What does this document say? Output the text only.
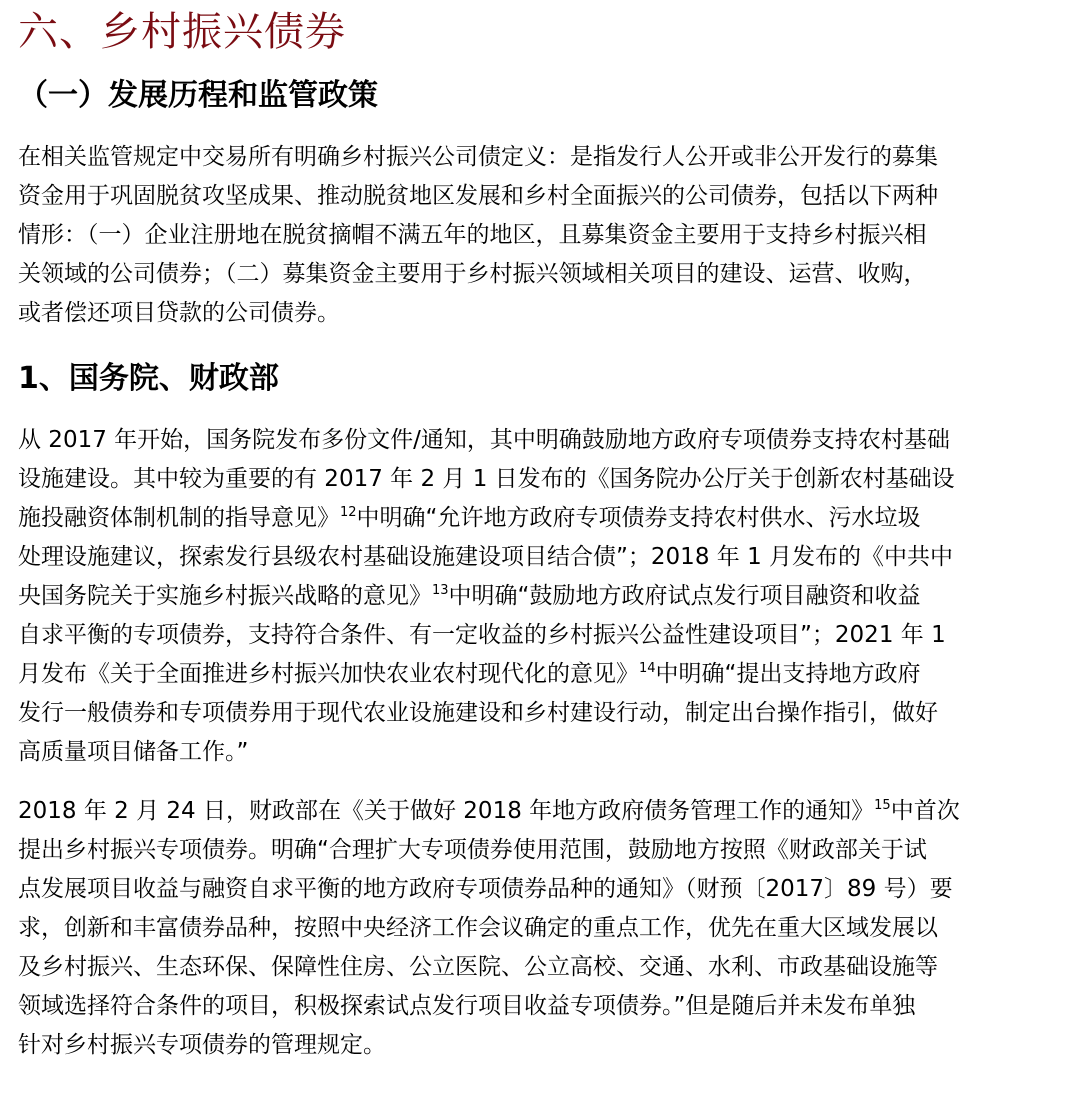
六、乡村振兴债券
（一）发展历程和监管政策
在相关监管规定中交易所有明确乡村振兴公司债定义：是指发行人公开或非公开发行的募集
资金用于巩固脱贫攻坚成果、推动脱贫地区发展和乡村全面振兴的公司债券，包括以下两种
情形：（一）企业注册地在脱贫摘帽不满五年的地区，且募集资金主要用于支持乡村振兴相
关领域的公司债券；（二）募集资金主要用于乡村振兴领域相关项目的建设、运营、收购，
或者偿还项目贷款的公司债券。
1、国务院、财政部
从 2017 年开始，国务院发布多份文件/通知，其中明确鼓励地方政府专项债券支持农村基础
设施建设。其中较为重要的有 2017 年 2 月 1 日发布的《国务院办公厅关于创新农村基础设
施投融资体制机制的指导意见》$^{12}$中明确“允许地方政府专项债券支持农村供水、污水垃圾
处理设施建议，探索发行县级农村基础设施建设项目结合债”；2018 年 1 月发布的《中共中
央国务院关于实施乡村振兴战略的意见》$^{13}$中明确“鼓励地方政府试点发行项目融资和收益
自求平衡的专项债券，支持符合条件、有一定收益的乡村振兴公益性建设项目”；2021 年 1
月发布《关于全面推进乡村振兴加快农业农村现代化的意见》$^{14}$中明确“提出支持地方政府
发行一般债券和专项债券用于现代农业设施建设和乡村建设行动，制定出台操作指引，做好
高质量项目储备工作。”
2018 年 2 月 24 日，财政部在《关于做好 2018 年地方政府债务管理工作的通知》$^{15}$中首次
提出乡村振兴专项债券。明确“合理扩大专项债券使用范围，鼓励地方按照《财政部关于试
点发展项目收益与融资自求平衡的地方政府专项债券品种的通知》（财预〔2017〕89 号）要
求，创新和丰富债券品种，按照中央经济工作会议确定的重点工作，优先在重大区域发展以
及乡村振兴、生态环保、保障性住房、公立医院、公立高校、交通、水利、市政基础设施等
领域选择符合条件的项目，积极探索试点发行项目收益专项债券。”但是随后并未发布单独
针对乡村振兴专项债券的管理规定。
